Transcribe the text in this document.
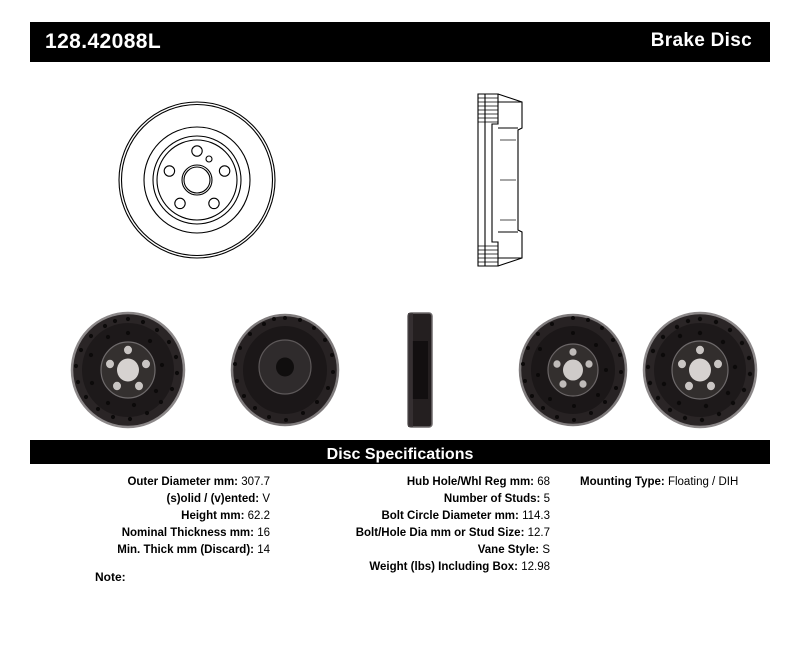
128.42088L	Brake Disc
Disc Specifications
Outer Diameter mm: 307.7
(s)olid / (v)ented: V
Height mm: 62.2
Nominal Thickness mm: 16
Min. Thick mm (Discard): 14
Hub Hole/Whl Reg mm: 68
Number of Studs: 5
Bolt Circle Diameter mm: 114.3
Bolt/Hole Dia mm or Stud Size: 12.7
Vane Style: S
Weight (lbs) Including Box: 12.98
Mounting Type: Floating / DIH
Note:
